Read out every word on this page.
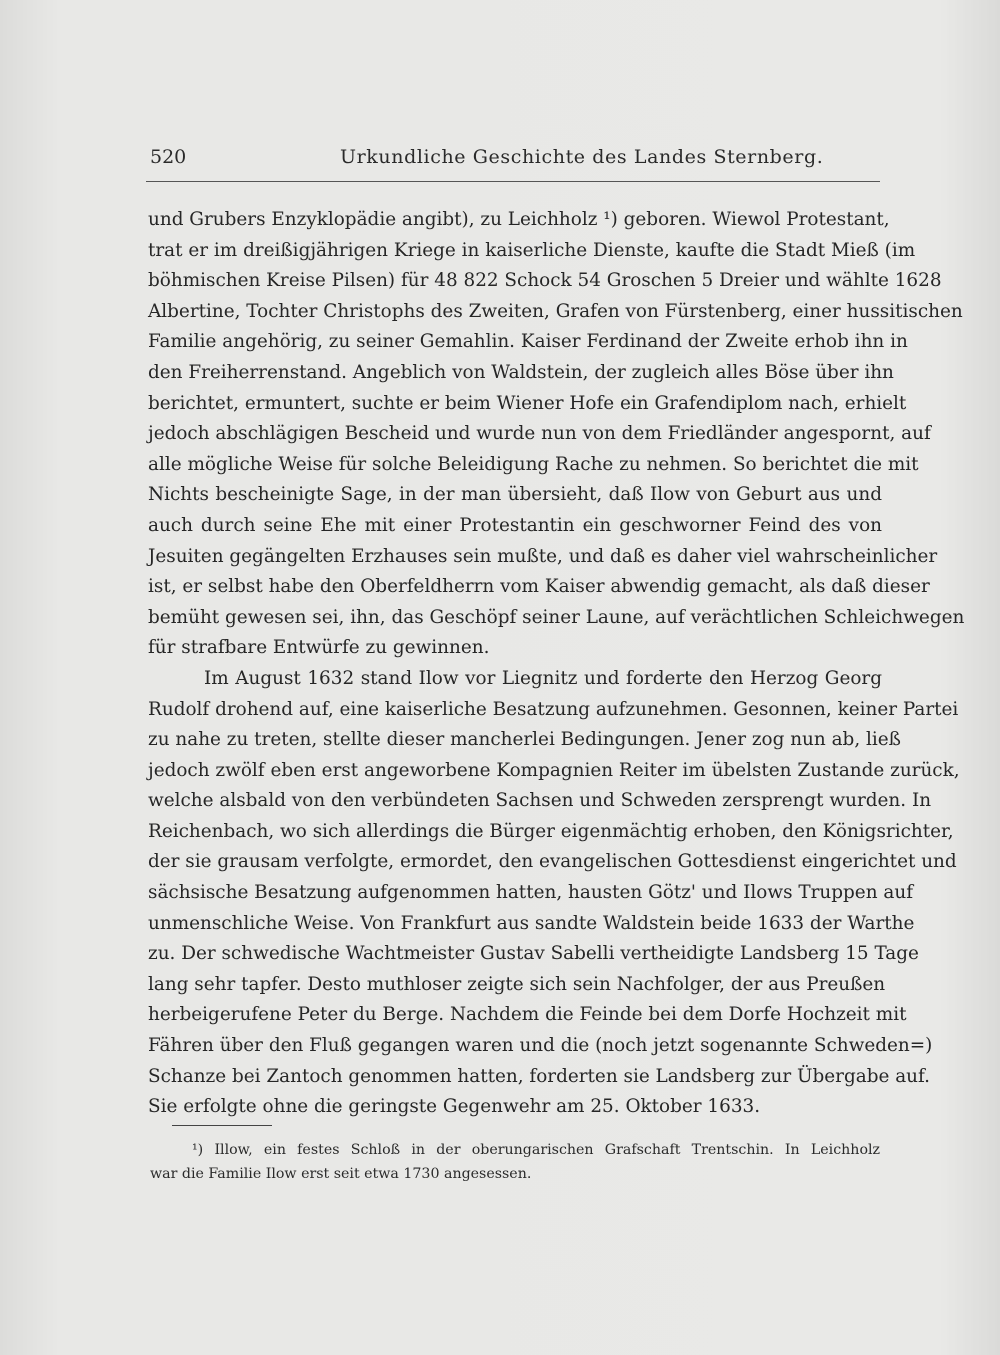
520	Urkundliche Geschichte des Landes Sternberg.
und Grubers Enzyklopädie angibt), zu Leichholz ¹) geboren. Wiewol Protestant,
trat er im dreißigjährigen Kriege in kaiserliche Dienste, kaufte die Stadt Mieß (im
böhmischen Kreise Pilsen) für 48 822 Schock 54 Groschen 5 Dreier und wählte 1628
Albertine, Tochter Christophs des Zweiten, Grafen von Fürstenberg, einer hussitischen
Familie angehörig, zu seiner Gemahlin. Kaiser Ferdinand der Zweite erhob ihn in
den Freiherrenstand. Angeblich von Waldstein, der zugleich alles Böse über ihn
berichtet, ermuntert, suchte er beim Wiener Hofe ein Grafendiplom nach, erhielt
jedoch abschlägigen Bescheid und wurde nun von dem Friedländer angespornt, auf
alle mögliche Weise für solche Beleidigung Rache zu nehmen. So berichtet die mit
Nichts bescheinigte Sage, in der man übersieht, daß Ilow von Geburt aus und
auch durch seine Ehe mit einer Protestantin ein geschworner Feind des von
Jesuiten gegängelten Erzhauses sein mußte, und daß es daher viel wahrscheinlicher
ist, er selbst habe den Oberfeldherrn vom Kaiser abwendig gemacht, als daß dieser
bemüht gewesen sei, ihn, das Geschöpf seiner Laune, auf verächtlichen Schleichwegen
für strafbare Entwürfe zu gewinnen.
Im August 1632 stand Ilow vor Liegnitz und forderte den Herzog Georg
Rudolf drohend auf, eine kaiserliche Besatzung aufzunehmen. Gesonnen, keiner Partei
zu nahe zu treten, stellte dieser mancherlei Bedingungen. Jener zog nun ab, ließ
jedoch zwölf eben erst angeworbene Kompagnien Reiter im übelsten Zustande zurück,
welche alsbald von den verbündeten Sachsen und Schweden zersprengt wurden. In
Reichenbach, wo sich allerdings die Bürger eigenmächtig erhoben, den Königsrichter,
der sie grausam verfolgte, ermordet, den evangelischen Gottesdienst eingerichtet und
sächsische Besatzung aufgenommen hatten, hausten Götz' und Ilows Truppen auf
unmenschliche Weise. Von Frankfurt aus sandte Waldstein beide 1633 der Warthe
zu. Der schwedische Wachtmeister Gustav Sabelli vertheidigte Landsberg 15 Tage
lang sehr tapfer. Desto muthloser zeigte sich sein Nachfolger, der aus Preußen
herbeigerufene Peter du Berge. Nachdem die Feinde bei dem Dorfe Hochzeit mit
Fähren über den Fluß gegangen waren und die (noch jetzt sogenannte Schweden=)
Schanze bei Zantoch genommen hatten, forderten sie Landsberg zur Übergabe auf.
Sie erfolgte ohne die geringste Gegenwehr am 25. Oktober 1633.
¹) Illow, ein festes Schloß in der oberungarischen Grafschaft Trentschin. In Leichholz
war die Familie Ilow erst seit etwa 1730 angesessen.
